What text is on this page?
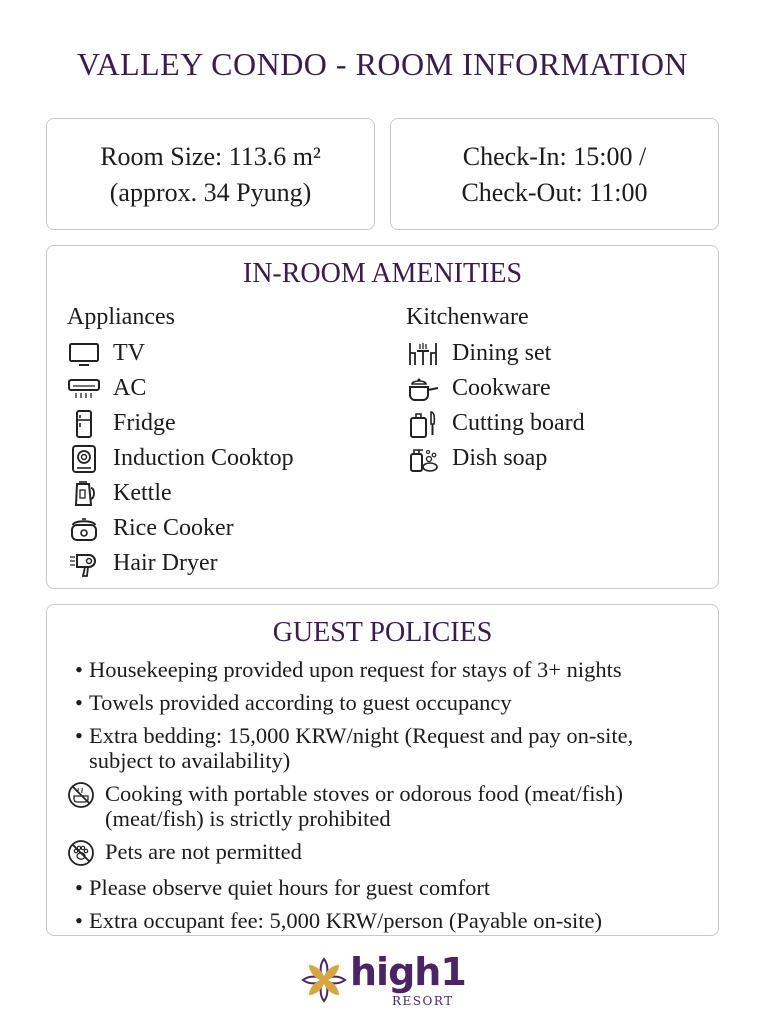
VALLEY CONDO - ROOM INFORMATION
Room Size: 113.6 m²
(approx. 34 Pyung)
Check-In: 15:00 /
Check-Out: 11:00
IN-ROOM AMENITIES
Appliances
TV
AC
Fridge
Induction Cooktop
Kettle
Rice Cooker
Hair Dryer
Kitchenware
Dining set
Cookware
Cutting board
Dish soap
GUEST POLICIES
• Housekeeping provided upon request for stays of 3+ nights
• Towels provided according to guest occupancy
• Extra bedding: 15,000 KRW/night (Request and pay on-site,
subject to availability)
Cooking with portable stoves or odorous food (meat/fish)
(meat/fish) is strictly prohibited
Pets are not permitted
• Please observe quiet hours for guest comfort
• Extra occupant fee: 5,000 KRW/person (Payable on-site)
high1
RESORT
